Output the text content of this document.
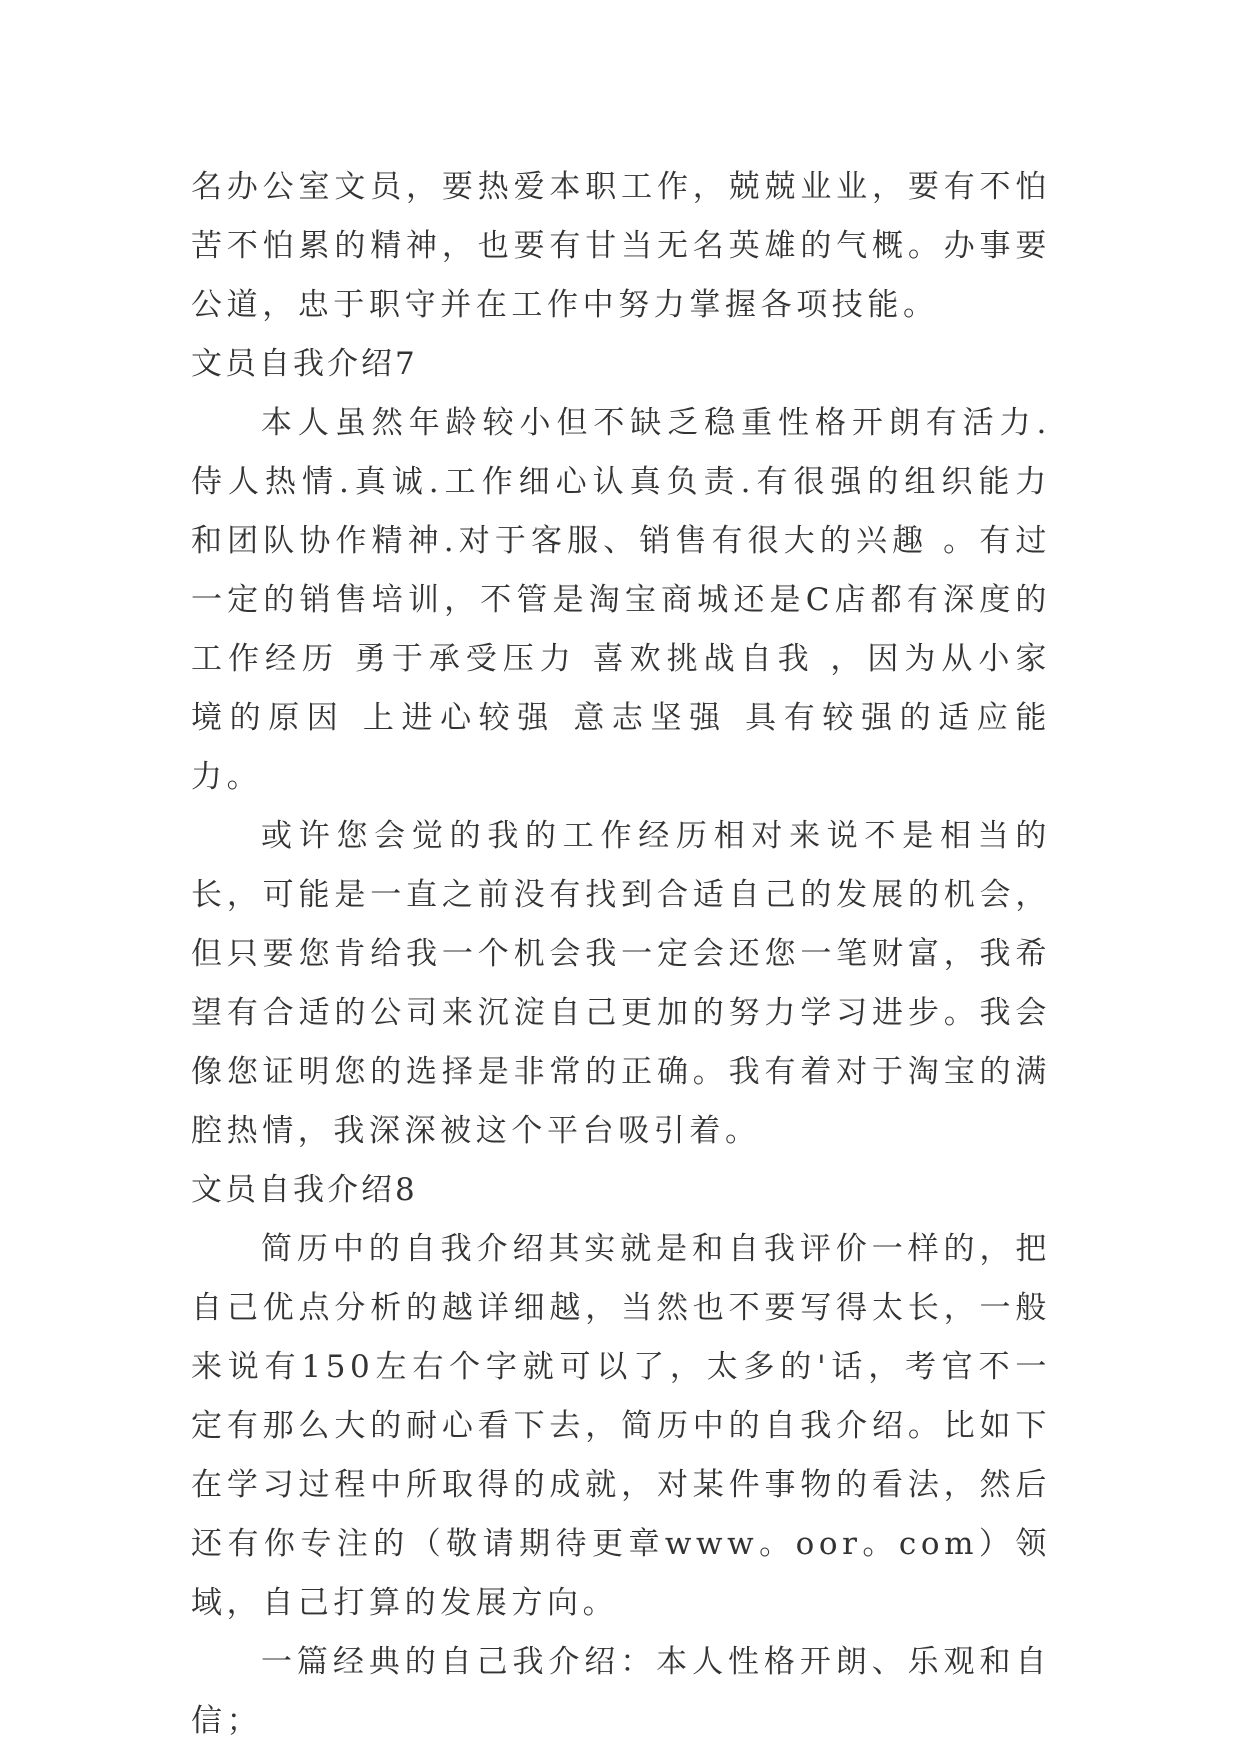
名办公室文员，要热爱本职工作，兢兢业业，要有不怕苦不怕累的精神，也要有甘当无名英雄的气概。办事要公道，忠于职守并在工作中努力掌握各项技能。

文员自我介绍7

本人虽然年龄较小但不缺乏稳重性格开朗有活力.侍人热情.真诚.工作细心认真负责.有很强的组织能力和团队协作精神.对于客服、销售有很大的兴趣 。有过一定的销售培训，不管是淘宝商城还是C店都有深度的工作经历 勇于承受压力 喜欢挑战自我 ，因为从小家境的原因 上进心较强 意志坚强 具有较强的适应能力。

或许您会觉的我的工作经历相对来说不是相当的长，可能是一直之前没有找到合适自己的发展的机会，但只要您肯给我一个机会我一定会还您一笔财富，我希望有合适的公司来沉淀自己更加的努力学习进步。我会像您证明您的选择是非常的正确。我有着对于淘宝的满腔热情，我深深被这个平台吸引着。

文员自我介绍8

简历中的自我介绍其实就是和自我评价一样的，把自己优点分析的越详细越，当然也不要写得太长，一般来说有150左右个字就可以了，太多的'话，考官不一定有那么大的耐心看下去，简历中的自我介绍。比如下在学习过程中所取得的成就，对某件事物的看法，然后还有你专注的（敬请期待更章www。oor。com）领域，自己打算的发展方向。

一篇经典的自己我介绍：本人性格开朗、乐观和自信；
